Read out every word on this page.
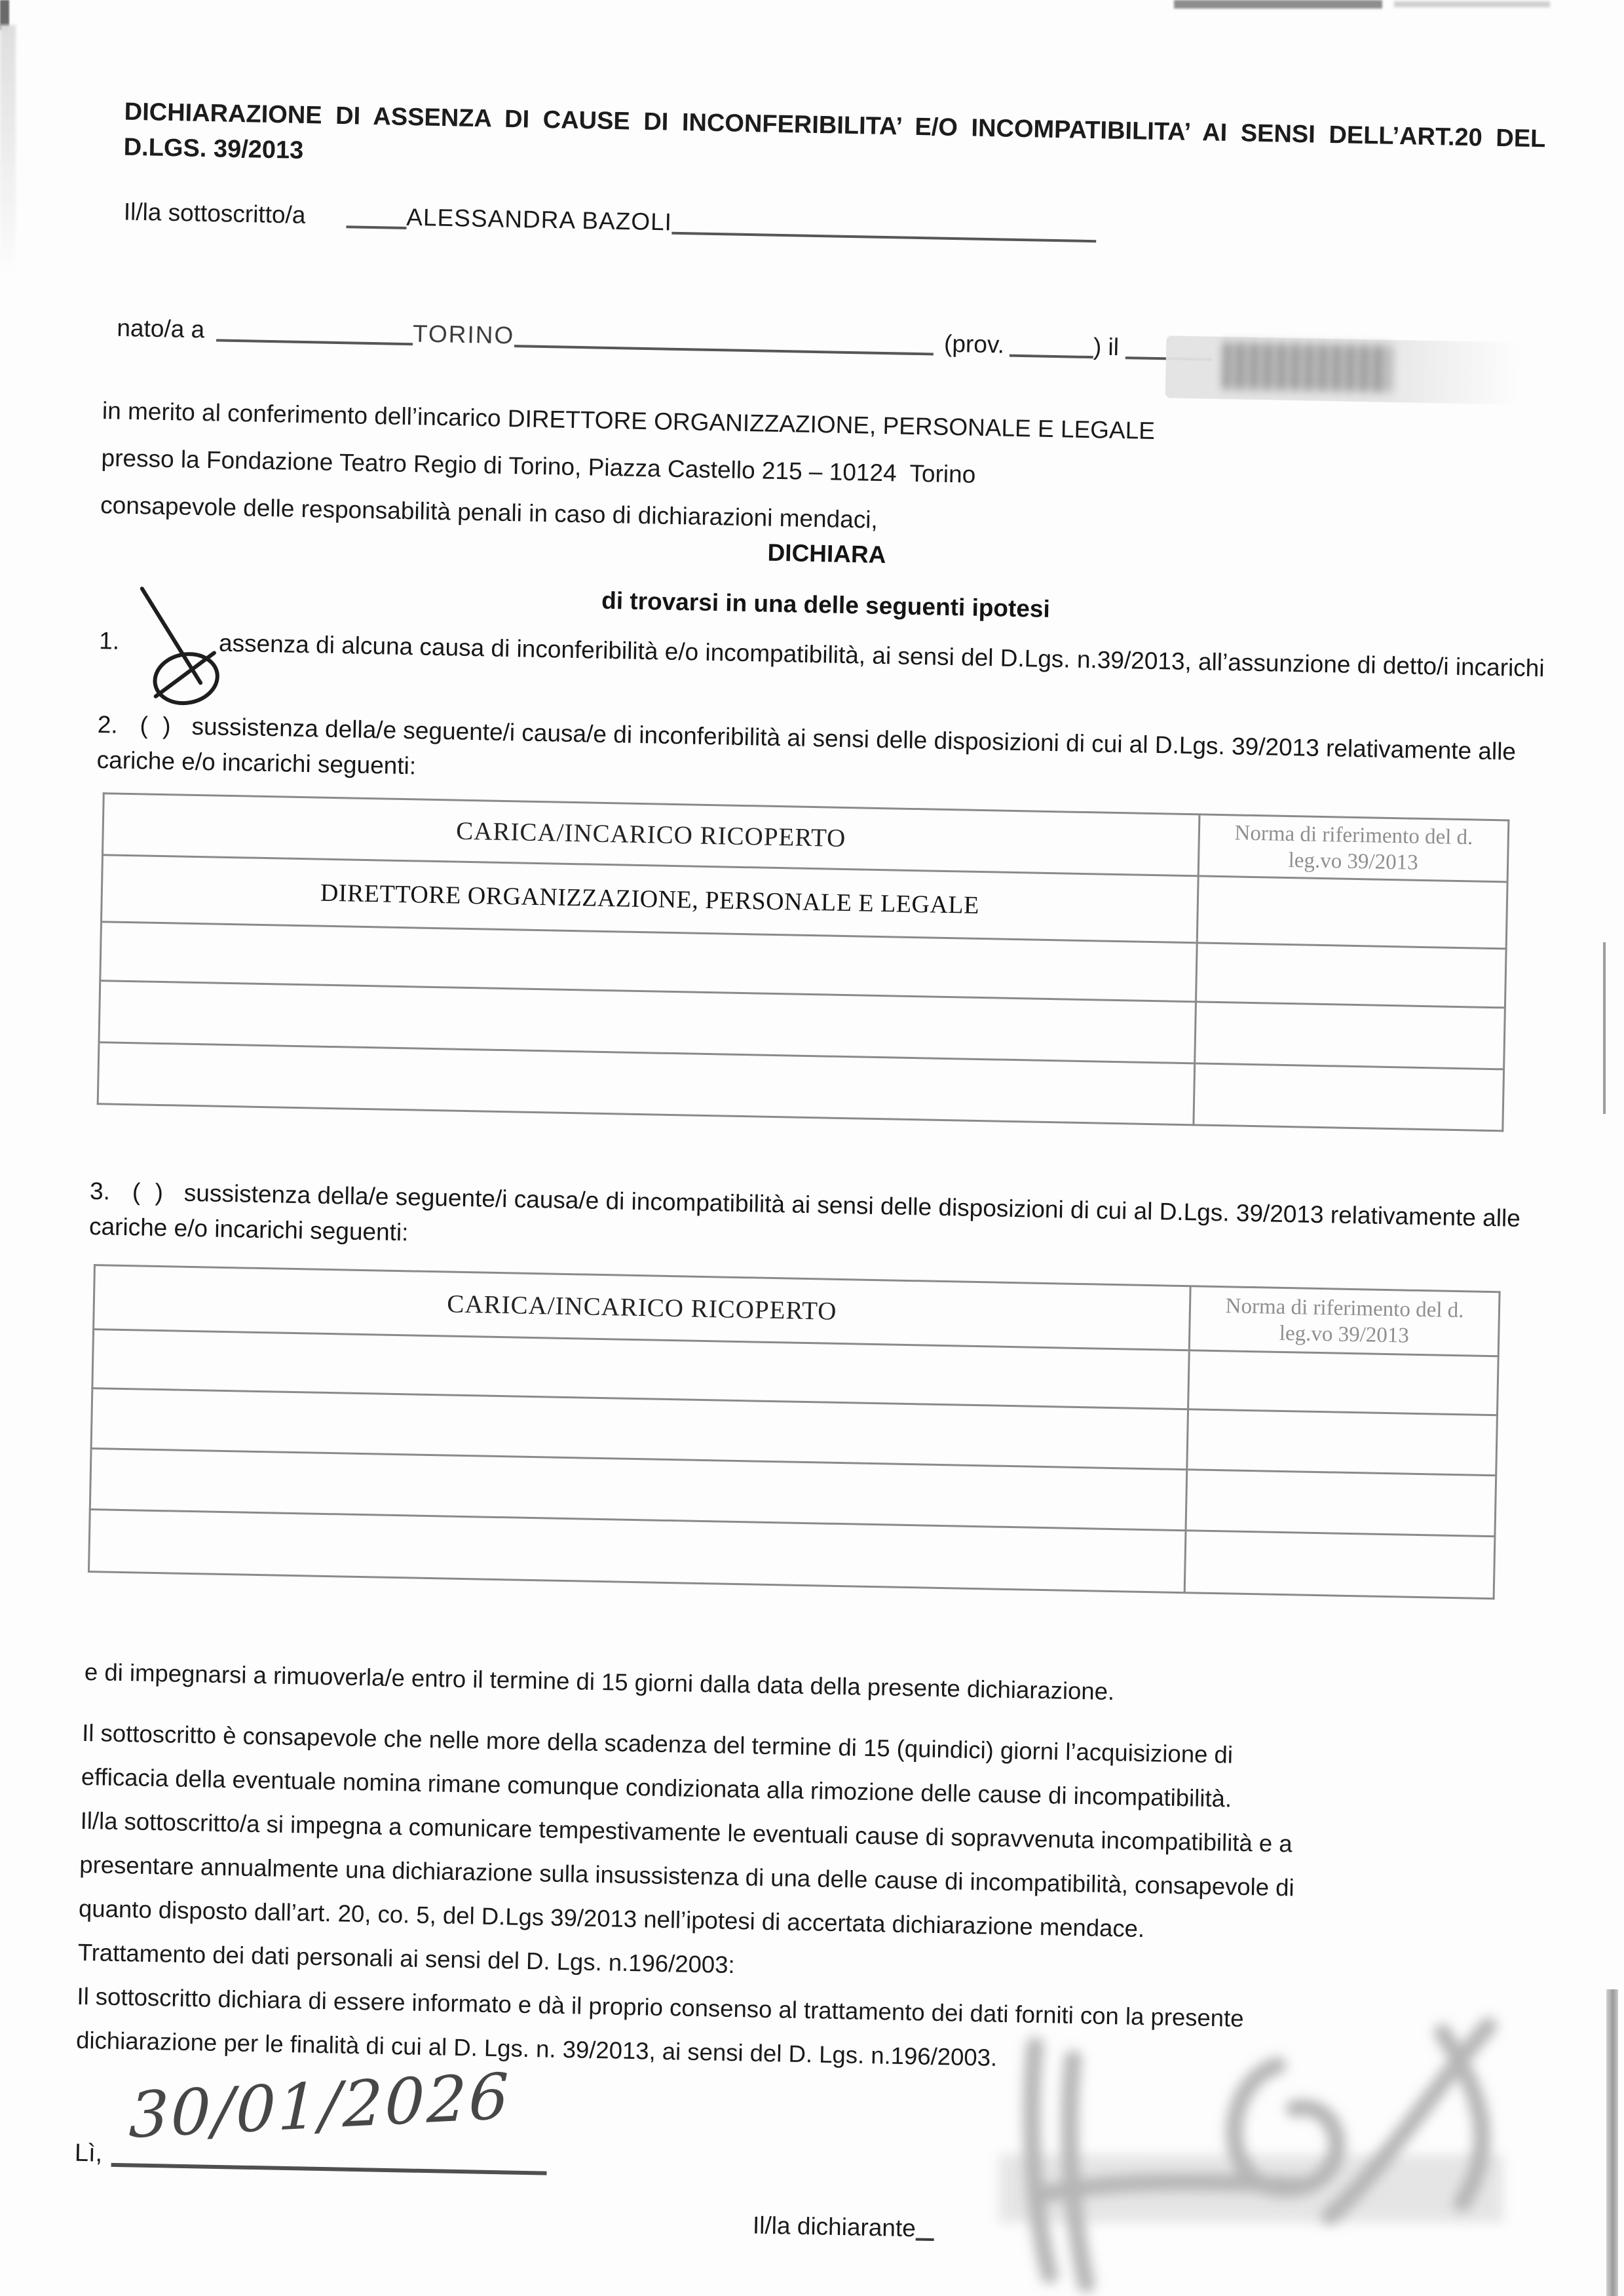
DICHIARAZIONE DI ASSENZA DI CAUSE DI INCONFERIBILITA’ E/O INCOMPATIBILITA’ AI SENSI DELL’ART.20 DEL D.LGS. 39/2013
Il/la sottoscritto/a	ALESSANDRA BAZOLI
nato/a a	TORINO	(prov.	) il
in merito al conferimento dell’incarico DIRETTORE ORGANIZZAZIONE, PERSONALE E LEGALE
presso la Fondazione Teatro Regio di Torino, Piazza Castello 215 – 10124  Torino
consapevole delle responsabilità penali in caso di dichiarazioni mendaci,
DICHIARA
di trovarsi in una delle seguenti ipotesi
1.	assenza di alcuna causa di inconferibilità e/o incompatibilità, ai sensi del D.Lgs. n.39/2013, all’assunzione di detto/i incarichi
2. ( ) sussistenza della/e seguente/i causa/e di inconferibilità ai sensi delle disposizioni di cui al D.Lgs. 39/2013 relativamente alle cariche e/o incarichi seguenti:
CARICA/INCARICO RICOPERTO	Norma di riferimento del d. leg.vo 39/2013
DIRETTORE ORGANIZZAZIONE, PERSONALE E LEGALE	

3. ( ) sussistenza della/e seguente/i causa/e di incompatibilità ai sensi delle disposizioni di cui al D.Lgs. 39/2013 relativamente alle cariche e/o incarichi seguenti:
CARICA/INCARICO RICOPERTO	Norma di riferimento del d. leg.vo 39/2013

e di impegnarsi a rimuoverla/e entro il termine di 15 giorni dalla data della presente dichiarazione.
Il sottoscritto è consapevole che nelle more della scadenza del termine di 15 (quindici) giorni l’acquisizione di
efficacia della eventuale nomina rimane comunque condizionata alla rimozione delle cause di incompatibilità.
Il/la sottoscritto/a si impegna a comunicare tempestivamente le eventuali cause di sopravvenuta incompatibilità e a
presentare annualmente una dichiarazione sulla insussistenza di una delle cause di incompatibilità, consapevole di
quanto disposto dall’art. 20, co. 5, del D.Lgs 39/2013 nell’ipotesi di accertata dichiarazione mendace.
Trattamento dei dati personali ai sensi del D. Lgs. n.196/2003:
Il sottoscritto dichiara di essere informato e dà il proprio consenso al trattamento dei dati forniti con la presente
dichiarazione per le finalità di cui al D. Lgs. n. 39/2013, ai sensi del D. Lgs. n.196/2003.
Lì,
30/01/2026
Il/la dichiarante
